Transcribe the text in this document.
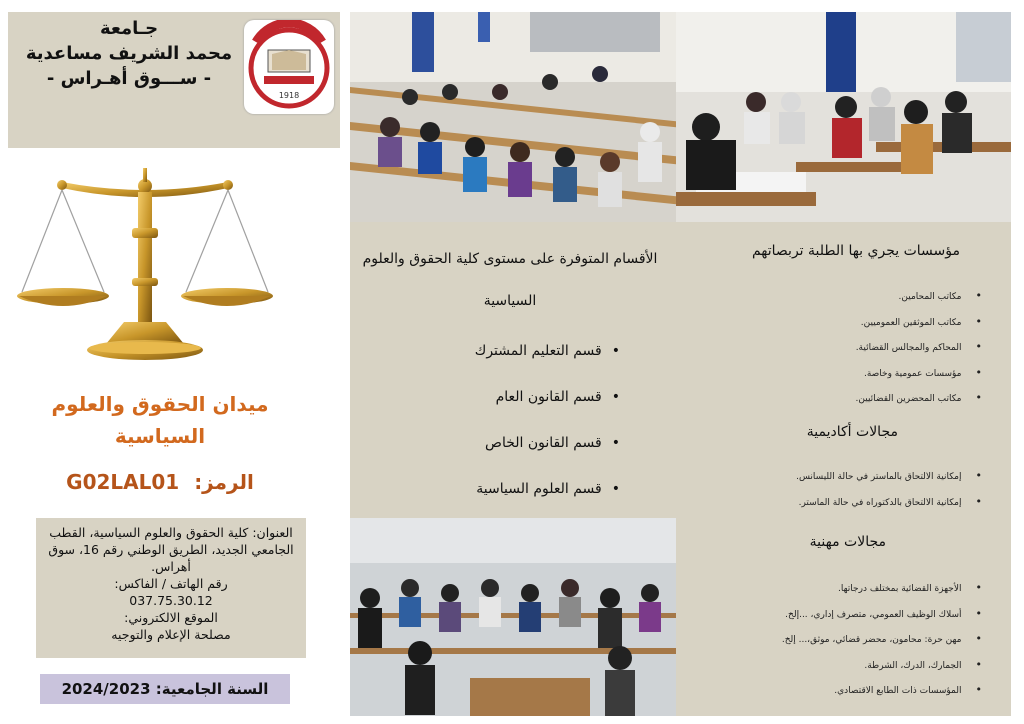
جـامعة
محمد الشريف مساعدية
- ســـوق أهـراس -
1918
ميدان الحقوق والعلوم السياسية
الرمز: G02LAL01
العنوان: كلية الحقوق والعلوم السياسية، القطب الجامعي الجديد، الطريق الوطني رقم 16، سوق أهراس.
رقم الهاتف / الفاكس:
037.75.30.12
الموقع الالكتروني:
مصلحة الإعلام والتوجيه
السنة الجامعية: 2024/2023
الأقسام المتوفرة على مستوى كلية الحقوق والعلوم السياسية
• قسم التعليم المشترك
• قسم القانون العام
• قسم القانون الخاص
• قسم العلوم السياسية
مؤسسات يجري بها الطلبة تربصاتهم
• مكاتب المحامين.
• مكاتب الموثقين العموميين.
• المحاكم والمجالس القضائية.
• مؤسسات عمومية وخاصة.
• مكاتب المحضرين القضائيين.
مجالات أكاديمية
• إمكانية الالتحاق بالماستر في حالة الليسانس.
• إمكانية الالتحاق بالدكتوراه في حالة الماستر.
مجالات مهنية
• الأجهزة القضائية بمختلف درجاتها.
• أسلاك الوظيف العمومي، متصرف إداري، ...إلخ.
• مهن حرة: محامون، محضر قضائي، موثق،... إلخ.
• الجمارك، الدرك، الشرطة.
• المؤسسات ذات الطابع الاقتصادي.
